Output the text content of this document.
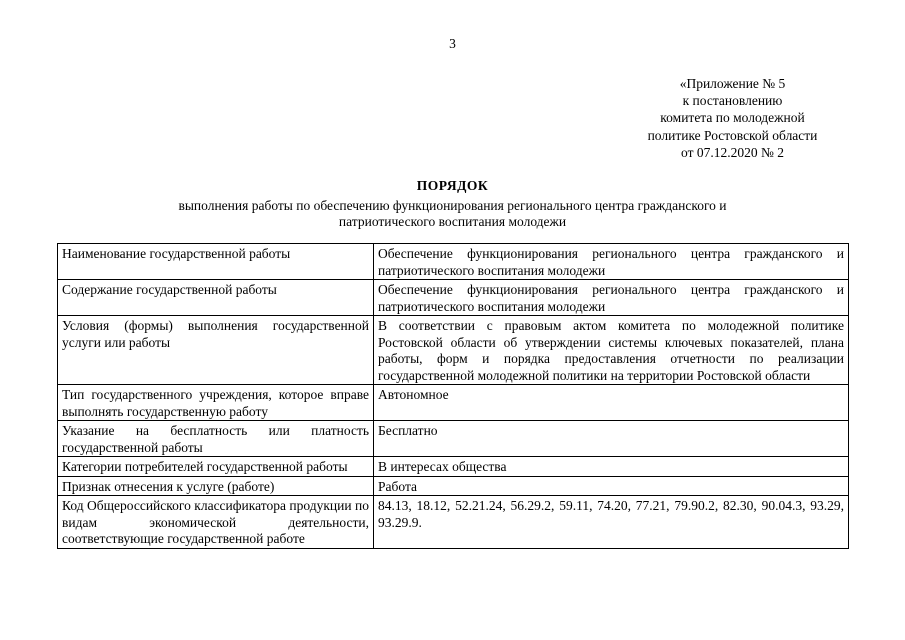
3
«Приложение № 5
к постановлению
комитета по молодежной
политике Ростовской области
от 07.12.2020 № 2
ПОРЯДОК
выполнения работы по обеспечению функционирования регионального центра гражданского и патриотического воспитания молодежи
Наименование государственной работы	Обеспечение функционирования регионального центра гражданского и патриотического воспитания молодежи
Содержание государственной работы	Обеспечение функционирования регионального центра гражданского и патриотического воспитания молодежи
Условия (формы) выполнения государственной услуги или работы	В соответствии с правовым актом комитета по молодежной политике Ростовской области об утверждении системы ключевых показателей, плана работы, форм и порядка предоставления отчетности по реализации государственной молодежной политики на территории Ростовской области
Тип государственного учреждения, которое вправе выполнять государственную работу	Автономное
Указание на бесплатность или платность государственной работы	Бесплатно
Категории потребителей государственной работы	В интересах общества
Признак отнесения к услуге (работе)	Работа
Код Общероссийского классификатора продукции по видам экономической деятельности, соответствующие государственной работе	84.13, 18.12, 52.21.24, 56.29.2, 59.11, 74.20, 77.21, 79.90.2, 82.30, 90.04.3, 93.29, 93.29.9.
